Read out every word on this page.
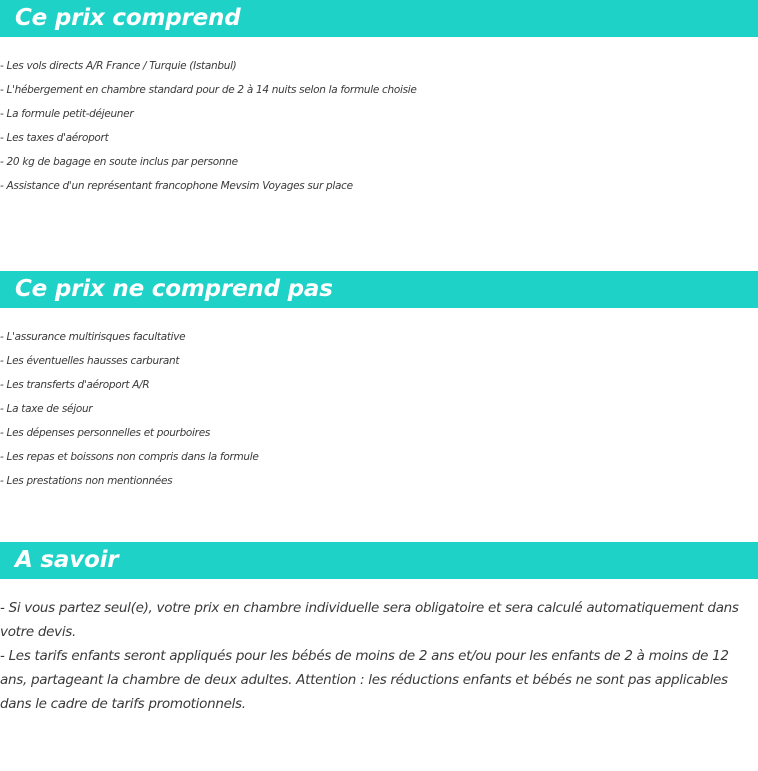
Ce prix comprend
- Les vols directs A/R France / Turquie (Istanbul)
- L'hébergement en chambre standard pour de 2 à 14 nuits selon la formule choisie
- La formule petit-déjeuner
- Les taxes d'aéroport
- 20 kg de bagage en soute inclus par personne
- Assistance d'un représentant francophone Mevsim Voyages sur place
Ce prix ne comprend pas
- L'assurance multirisques facultative
- Les éventuelles hausses carburant
- Les transferts d'aéroport A/R
- La taxe de séjour
- Les dépenses personnelles et pourboires
- Les repas et boissons non compris dans la formule
- Les prestations non mentionnées
A savoir

- Si vous partez seul(e), votre prix en chambre individuelle sera obligatoire et sera calculé automatiquement dans votre devis.

- Les tarifs enfants seront appliqués pour les bébés de moins de 2 ans et/ou pour les enfants de 2 à moins de 12 ans, partageant la chambre de deux adultes. Attention : les réductions enfants et bébés ne sont pas applicables dans le cadre de tarifs promotionnels.
